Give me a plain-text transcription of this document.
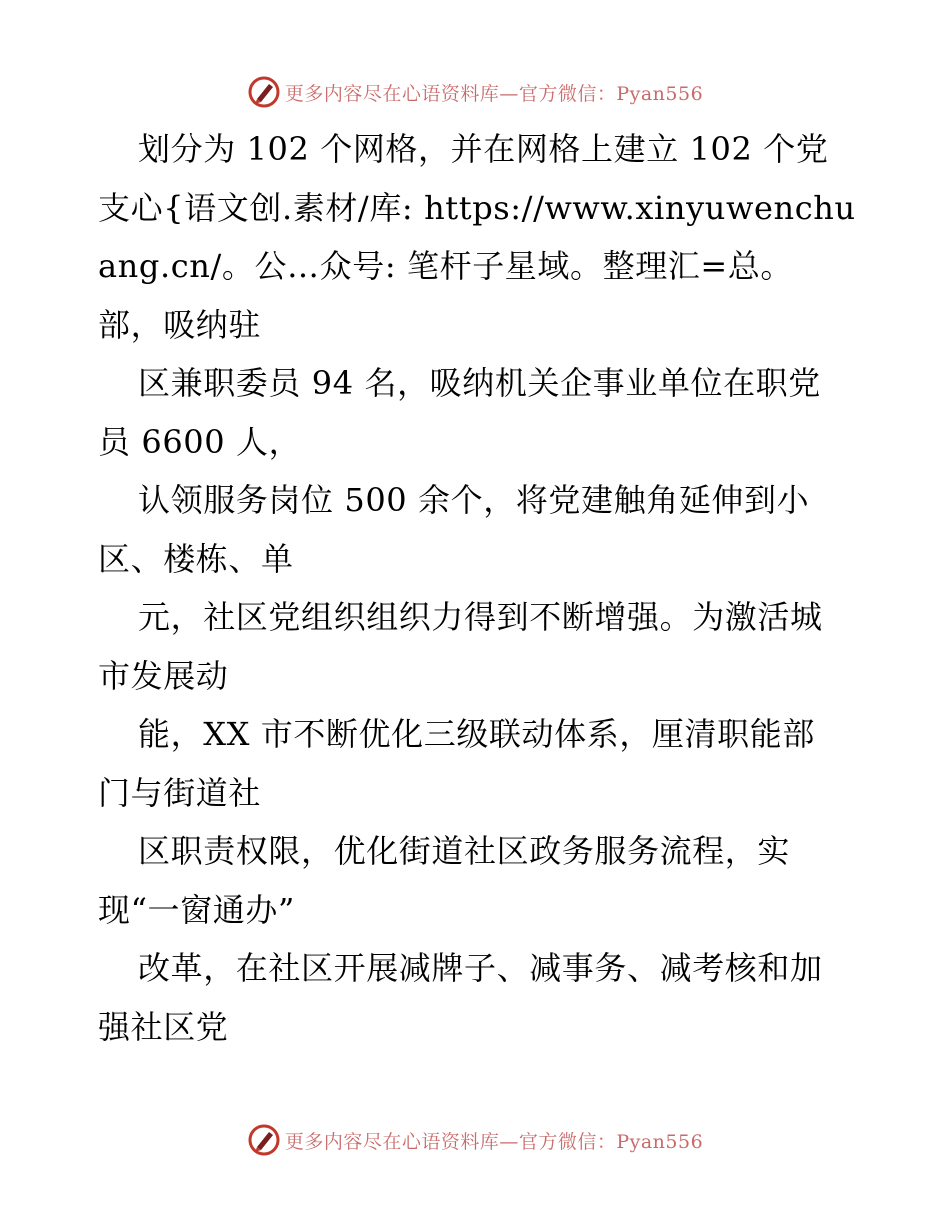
更多内容尽在心语资料库—官方微信：Pyan556
划分为 102 个网格，并在网格上建立 102 个党
支心{语文创.素材/库: https://www.xinyuwenchu
ang.cn/。公…众号: 笔杆子星域。整理汇=总。
部，吸纳驻
区兼职委员 94 名，吸纳机关企事业单位在职党
员 6600 人，
认领服务岗位 500 余个，将党建触角延伸到小
区、楼栋、单
元，社区党组织组织力得到不断增强。为激活城
市发展动
能，XX 市不断优化三级联动体系，厘清职能部
门与街道社
区职责权限，优化街道社区政务服务流程，实
现“一窗通办”
改革，在社区开展减牌子、减事务、减考核和加
强社区党
更多内容尽在心语资料库—官方微信：Pyan556
